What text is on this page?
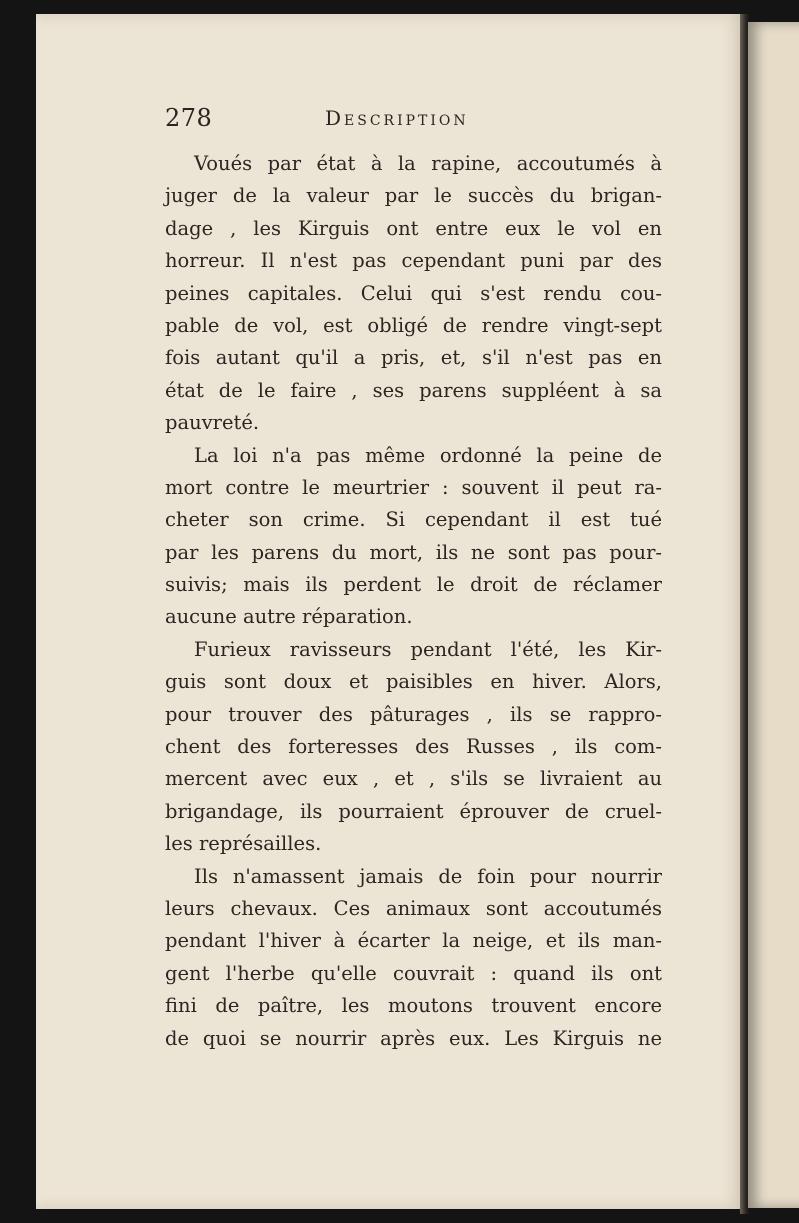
278	Description
Voués par état à la rapine, accoutumés à
juger de la valeur par le succès du brigan-
dage , les Kirguis ont entre eux le vol en
horreur. Il n'est pas cependant puni par des
peines capitales. Celui qui s'est rendu cou-
pable de vol, est obligé de rendre vingt-sept
fois autant qu'il a pris, et, s'il n'est pas en
état de le faire , ses parens suppléent à sa
pauvreté.
La loi n'a pas même ordonné la peine de
mort contre le meurtrier : souvent il peut ra-
cheter son crime. Si cependant il est tué
par les parens du mort, ils ne sont pas pour-
suivis; mais ils perdent le droit de réclamer
aucune autre réparation.
Furieux ravisseurs pendant l'été, les Kir-
guis sont doux et paisibles en hiver. Alors,
pour trouver des pâturages , ils se rappro-
chent des forteresses des Russes , ils com-
mercent avec eux , et , s'ils se livraient au
brigandage, ils pourraient éprouver de cruel-
les représailles.
Ils n'amassent jamais de foin pour nourrir
leurs chevaux. Ces animaux sont accoutumés
pendant l'hiver à écarter la neige, et ils man-
gent l'herbe qu'elle couvrait : quand ils ont
fini de paître, les moutons trouvent encore
de quoi se nourrir après eux. Les Kirguis ne
